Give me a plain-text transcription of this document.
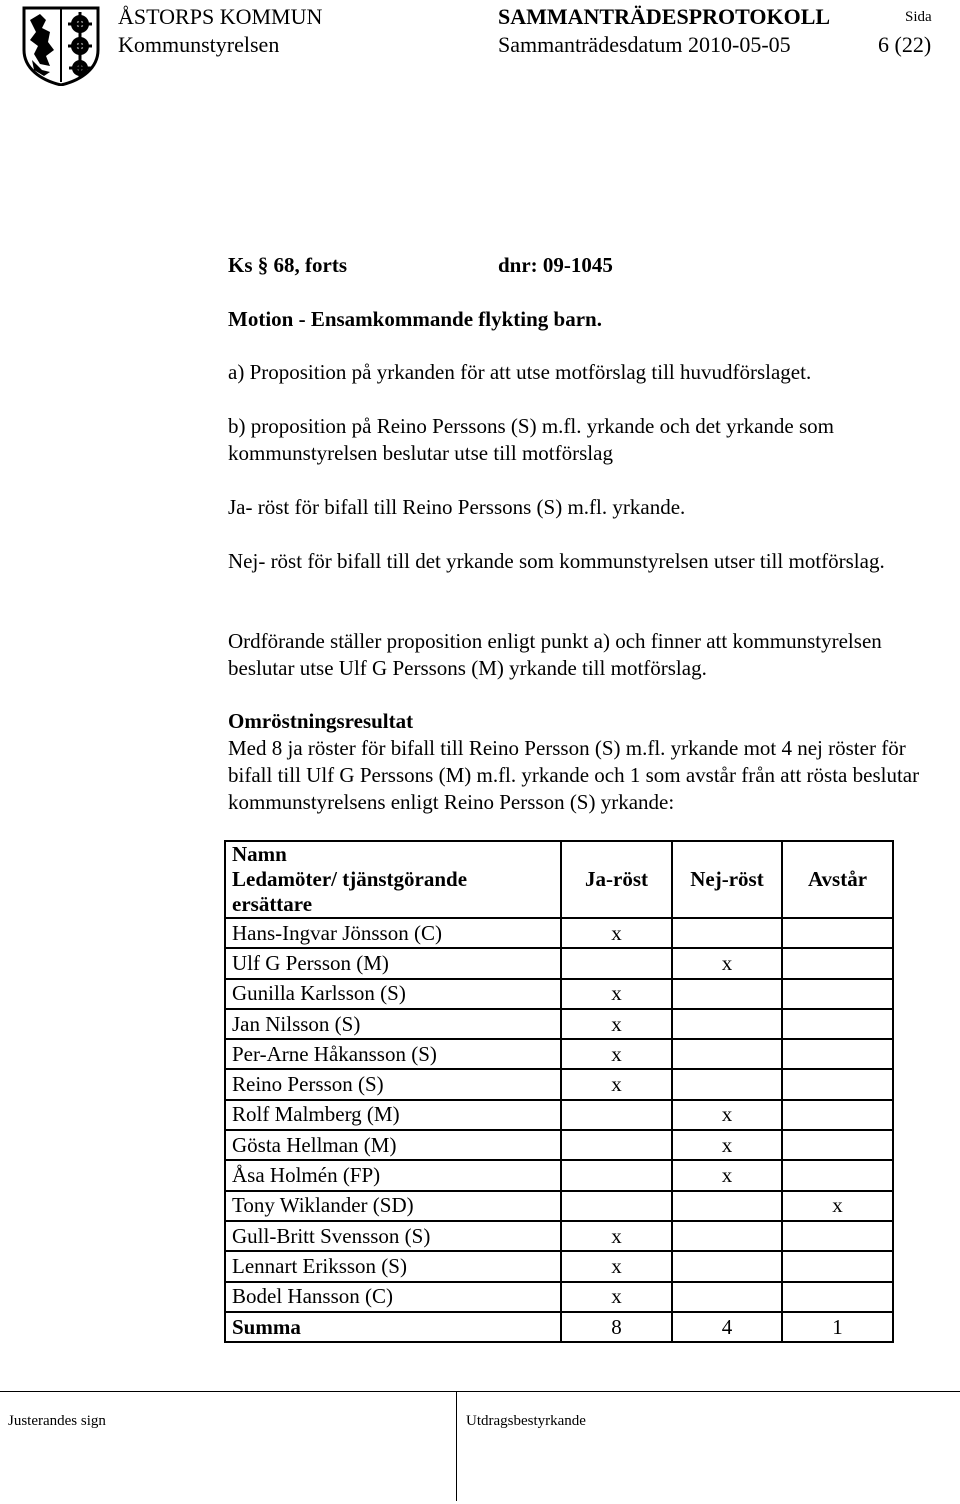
ÅSTORPS KOMMUN
Kommunstyrelsen
SAMMANTRÄDESPROTOKOLL
Sammanträdesdatum 2010-05-05
Sida
6 (22)
Ks § 68, forts	dnr: 09-1045
Motion - Ensamkommande flykting barn.
a) Proposition på yrkanden för att utse motförslag till huvudförslaget.
b) proposition på Reino Perssons (S) m.fl. yrkande och det yrkande som kommunstyrelsen beslutar utse till motförslag
Ja- röst för bifall till Reino Perssons (S) m.fl. yrkande.
Nej- röst för bifall till det yrkande som kommunstyrelsen utser till motförslag.
Ordförande ställer proposition enligt punkt a) och finner att kommunstyrelsen beslutar utse Ulf G Perssons (M) yrkande till motförslag.
Omröstningsresultat
Med 8 ja röster för bifall till Reino Persson (S) m.fl. yrkande mot 4 nej röster för bifall till Ulf G Perssons (M) m.fl. yrkande och 1 som avstår från att rösta beslutar kommunstyrelsens enligt Reino Persson (S) yrkande:
Namn
Ledamöter/ tjänstgörande ersättare	Ja-röst	Nej-röst	Avstår
Hans-Ingvar Jönsson (C)	x		
Ulf G Persson (M)		x	
Gunilla Karlsson (S)	x		
Jan Nilsson (S)	x		
Per-Arne Håkansson (S)	x		
Reino Persson (S)	x		
Rolf Malmberg (M)		x	
Gösta Hellman (M)		x	
Åsa Holmén (FP)		x	
Tony Wiklander (SD)			x
Gull-Britt Svensson (S)	x		
Lennart Eriksson (S)	x		
Bodel Hansson (C)	x		
Summa	8	4	1
Justerandes sign	Utdragsbestyrkande
